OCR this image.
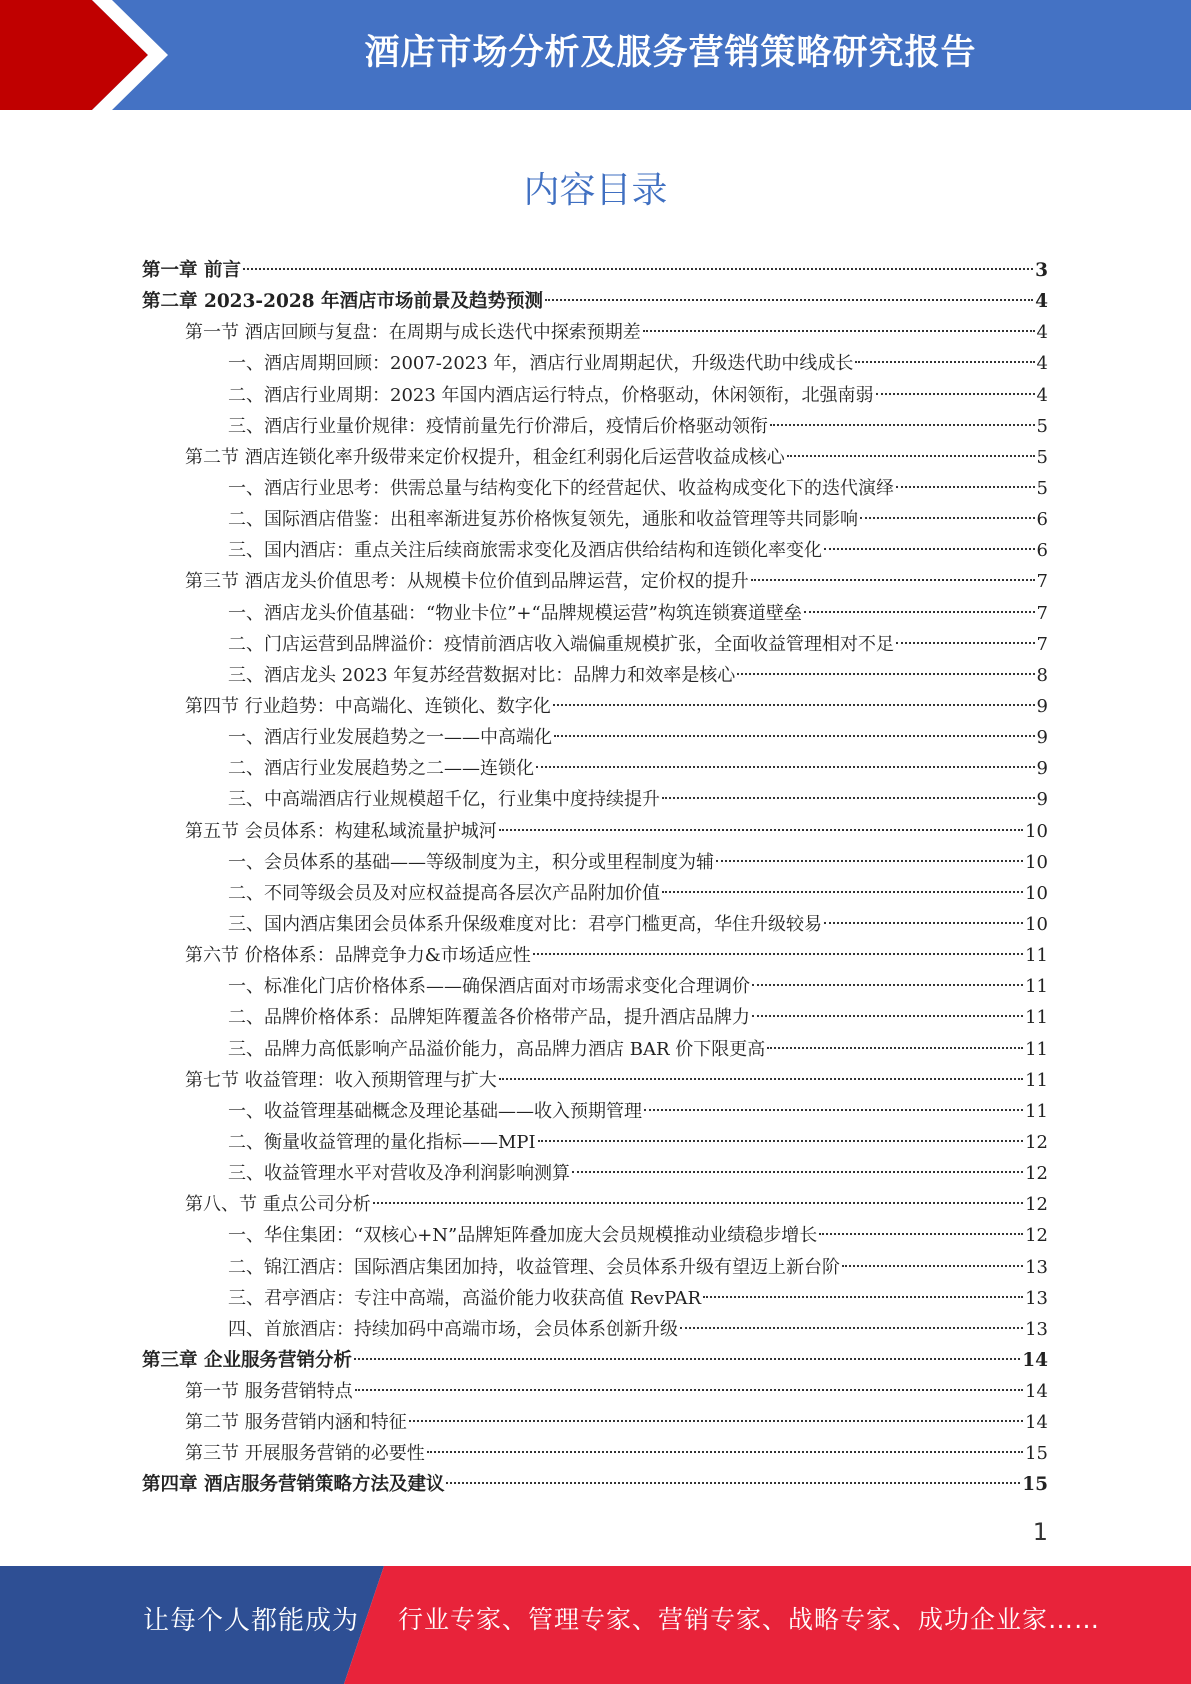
酒店市场分析及服务营销策略研究报告
内容目录
第一章 前言	3
第二章 2023-2028 年酒店市场前景及趋势预测	4
第一节 酒店回顾与复盘：在周期与成长迭代中探索预期差	4
一、酒店周期回顾：2007-2023 年，酒店行业周期起伏，升级迭代助中线成长	4
二、酒店行业周期：2023 年国内酒店运行特点，价格驱动，休闲领衔，北强南弱	4
三、酒店行业量价规律：疫情前量先行价滞后，疫情后价格驱动领衔	5
第二节 酒店连锁化率升级带来定价权提升，租金红利弱化后运营收益成核心	5
一、酒店行业思考：供需总量与结构变化下的经营起伏、收益构成变化下的迭代演绎	5
二、国际酒店借鉴：出租率渐进复苏价格恢复领先，通胀和收益管理等共同影响	6
三、国内酒店：重点关注后续商旅需求变化及酒店供给结构和连锁化率变化	6
第三节 酒店龙头价值思考：从规模卡位价值到品牌运营，定价权的提升	7
一、酒店龙头价值基础：“物业卡位”+“品牌规模运营”构筑连锁赛道壁垒	7
二、门店运营到品牌溢价：疫情前酒店收入端偏重规模扩张，全面收益管理相对不足	7
三、酒店龙头 2023 年复苏经营数据对比：品牌力和效率是核心	8
第四节 行业趋势：中高端化、连锁化、数字化	9
一、酒店行业发展趋势之一——中高端化	9
二、酒店行业发展趋势之二——连锁化	9
三、中高端酒店行业规模超千亿，行业集中度持续提升	9
第五节 会员体系：构建私域流量护城河	10
一、会员体系的基础——等级制度为主，积分或里程制度为辅	10
二、不同等级会员及对应权益提高各层次产品附加价值	10
三、国内酒店集团会员体系升保级难度对比：君亭门槛更高，华住升级较易	10
第六节 价格体系：品牌竞争力&市场适应性	11
一、标准化门店价格体系——确保酒店面对市场需求变化合理调价	11
二、品牌价格体系：品牌矩阵覆盖各价格带产品，提升酒店品牌力	11
三、品牌力高低影响产品溢价能力，高品牌力酒店 BAR 价下限更高	11
第七节 收益管理：收入预期管理与扩大	11
一、收益管理基础概念及理论基础——收入预期管理	11
二、衡量收益管理的量化指标——MPI	12
三、收益管理水平对营收及净利润影响测算	12
第八、节 重点公司分析	12
一、华住集团：“双核心+N”品牌矩阵叠加庞大会员规模推动业绩稳步增长	12
二、锦江酒店：国际酒店集团加持，收益管理、会员体系升级有望迈上新台阶	13
三、君亭酒店：专注中高端，高溢价能力收获高值 RevPAR	13
四、首旅酒店：持续加码中高端市场，会员体系创新升级	13
第三章 企业服务营销分析	14
第一节 服务营销特点	14
第二节 服务营销内涵和特征	14
第三节 开展服务营销的必要性	15
第四章 酒店服务营销策略方法及建议	15
1
让每个人都能成为 行业专家、管理专家、营销专家、战略专家、成功企业家……
